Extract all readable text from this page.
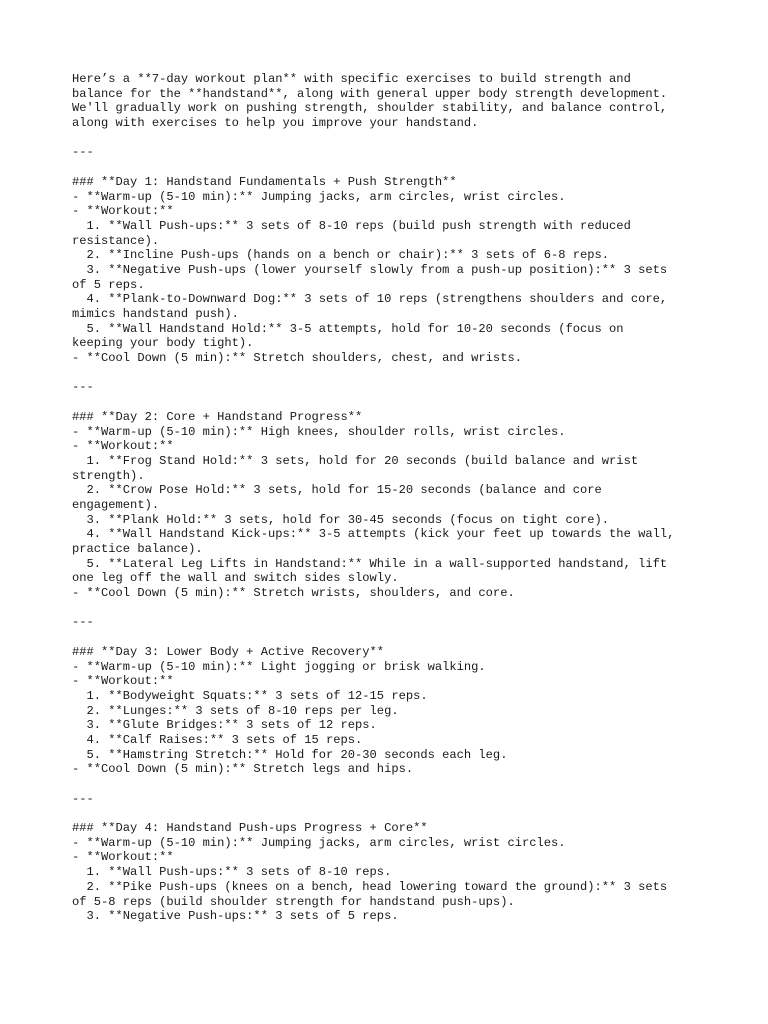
Here’s a **7-day workout plan** with specific exercises to build strength and
balance for the **handstand**, along with general upper body strength development.
We'll gradually work on pushing strength, shoulder stability, and balance control,
along with exercises to help you improve your handstand.
---
### **Day 1: Handstand Fundamentals + Push Strength**
- **Warm-up (5-10 min):** Jumping jacks, arm circles, wrist circles.
- **Workout:**
1. **Wall Push-ups:** 3 sets of 8-10 reps (build push strength with reduced
resistance).
2. **Incline Push-ups (hands on a bench or chair):** 3 sets of 6-8 reps.
3. **Negative Push-ups (lower yourself slowly from a push-up position):** 3 sets
of 5 reps.
4. **Plank-to-Downward Dog:** 3 sets of 10 reps (strengthens shoulders and core,
mimics handstand push).
5. **Wall Handstand Hold:** 3-5 attempts, hold for 10-20 seconds (focus on
keeping your body tight).
- **Cool Down (5 min):** Stretch shoulders, chest, and wrists.
---
### **Day 2: Core + Handstand Progress**
- **Warm-up (5-10 min):** High knees, shoulder rolls, wrist circles.
- **Workout:**
1. **Frog Stand Hold:** 3 sets, hold for 20 seconds (build balance and wrist
strength).
2. **Crow Pose Hold:** 3 sets, hold for 15-20 seconds (balance and core
engagement).
3. **Plank Hold:** 3 sets, hold for 30-45 seconds (focus on tight core).
4. **Wall Handstand Kick-ups:** 3-5 attempts (kick your feet up towards the wall,
practice balance).
5. **Lateral Leg Lifts in Handstand:** While in a wall-supported handstand, lift
one leg off the wall and switch sides slowly.
- **Cool Down (5 min):** Stretch wrists, shoulders, and core.
---
### **Day 3: Lower Body + Active Recovery**
- **Warm-up (5-10 min):** Light jogging or brisk walking.
- **Workout:**
1. **Bodyweight Squats:** 3 sets of 12-15 reps.
2. **Lunges:** 3 sets of 8-10 reps per leg.
3. **Glute Bridges:** 3 sets of 12 reps.
4. **Calf Raises:** 3 sets of 15 reps.
5. **Hamstring Stretch:** Hold for 20-30 seconds each leg.
- **Cool Down (5 min):** Stretch legs and hips.
---
### **Day 4: Handstand Push-ups Progress + Core**
- **Warm-up (5-10 min):** Jumping jacks, arm circles, wrist circles.
- **Workout:**
1. **Wall Push-ups:** 3 sets of 8-10 reps.
2. **Pike Push-ups (knees on a bench, head lowering toward the ground):** 3 sets
of 5-8 reps (build shoulder strength for handstand push-ups).
3. **Negative Push-ups:** 3 sets of 5 reps.
